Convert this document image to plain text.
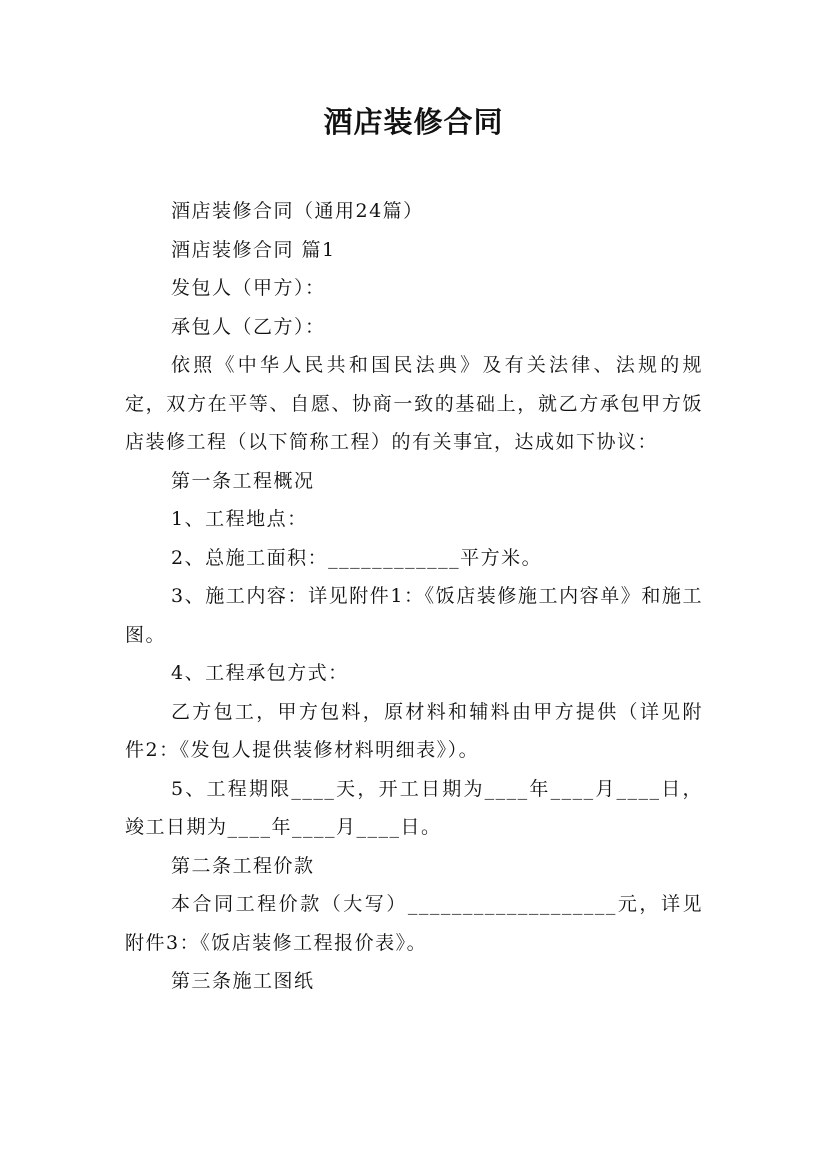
酒店装修合同

酒店装修合同（通用24篇）

酒店装修合同 篇1

发包人（甲方）：

承包人（乙方）：

依照《中华人民共和国民法典》及有关法律、法规的规定，双方在平等、自愿、协商一致的基础上，就乙方承包甲方饭店装修工程（以下简称工程）的有关事宜，达成如下协议：

第一条工程概况

1、工程地点：

2、总施工面积：____________平方米。

3、施工内容：详见附件1：《饭店装修施工内容单》和施工图。

4、工程承包方式：

乙方包工，甲方包料，原材料和辅料由甲方提供（详见附件2：《发包人提供装修材料明细表》）。

5、工程期限____天，开工日期为____年____月____日，竣工日期为____年____月____日。

第二条工程价款

本合同工程价款（大写）___________________元，详见附件3：《饭店装修工程报价表》。

第三条施工图纸
